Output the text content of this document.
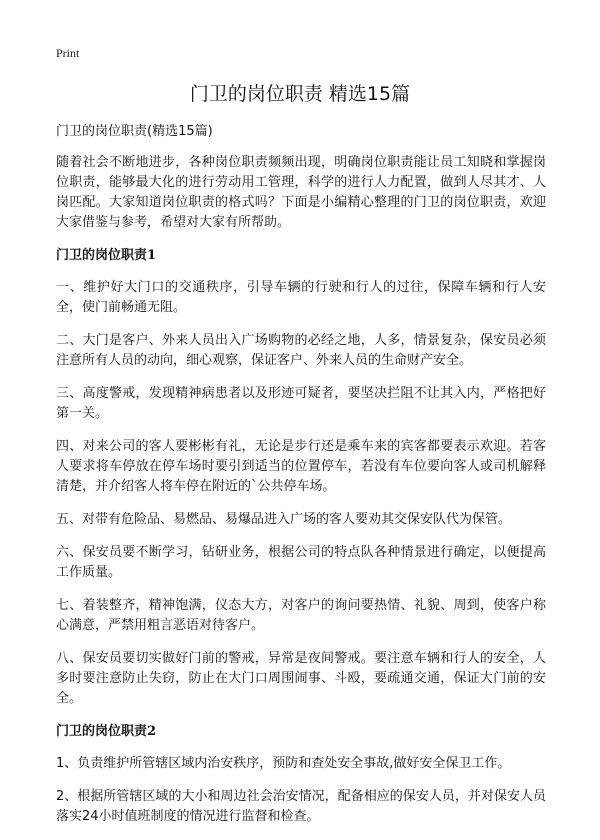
Print
门卫的岗位职责 精选15篇

门卫的岗位职责(精选15篇)

随着社会不断地进步，各种岗位职责频频出现，明确岗位职责能让员工知晓和掌握岗位职责，能够最大化的进行劳动用工管理，科学的进行人力配置，做到人尽其才、人岗匹配。大家知道岗位职责的格式吗？下面是小编精心整理的门卫的岗位职责，欢迎大家借鉴与参考，希望对大家有所帮助。

门卫的岗位职责1

一、维护好大门口的交通秩序，引导车辆的行驶和行人的过往，保障车辆和行人安全，使门前畅通无阻。

二、大门是客户、外来人员出入广场购物的必经之地，人多，情景复杂，保安员必须注意所有人员的动向，细心观察，保证客户、外来人员的生命财产安全。

三、高度警戒，发现精神病患者以及形迹可疑者，要坚决拦阻不让其入内，严格把好第一关。

四、对来公司的客人要彬彬有礼，无论是步行还是乘车来的宾客都要表示欢迎。若客人要求将车停放在停车场时要引到适当的位置停车，若没有车位要向客人或司机解释清楚，并介绍客人将车停在附近的`公共停车场。

五、对带有危险品、易燃品、易爆品进入广场的客人要劝其交保安队代为保管。

六、保安员要不断学习，钻研业务，根据公司的特点队各种情景进行确定，以便提高工作质量。

七、着装整齐，精神饱满，仪态大方，对客户的询问要热情、礼貌、周到，使客户称心满意，严禁用粗言恶语对待客户。

八、保安员要切实做好门前的警戒，异常是夜间警戒。要注意车辆和行人的安全，人多时要注意防止失窃，防止在大门口周围闹事、斗殴，要疏通交通，保证大门前的安全。

门卫的岗位职责2

1、负责维护所管辖区域内治安秩序，预防和查处安全事故,做好安全保卫工作。

2、根据所管辖区域的大小和周边社会治安情况，配备相应的保安人员，并对保安人员落实24小时值班制度的情况进行监督和检查。
